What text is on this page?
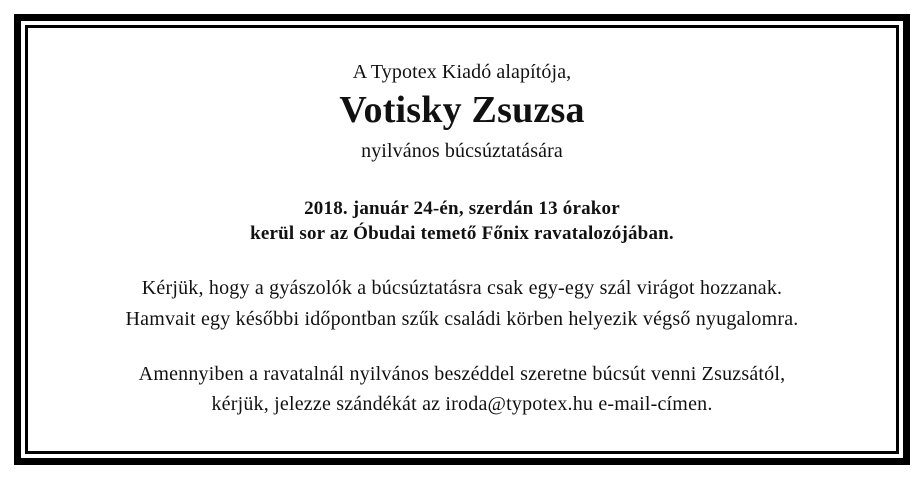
A Typotex Kiadó alapítója,
Votisky Zsuzsa
nyilvános búcsúztatására
2018. január 24-én, szerdán 13 órakor
kerül sor az Óbudai temető Főnix ravatalozójában.
Kérjük, hogy a gyászolók a búcsúztatásra csak egy-egy szál virágot hozzanak.
Hamvait egy későbbi időpontban szűk családi körben helyezik végső nyugalomra.
Amennyiben a ravatalnál nyilvános beszéddel szeretne búcsút venni Zsuzsától,
kérjük, jelezze szándékát az iroda@typotex.hu e-mail-címen.
